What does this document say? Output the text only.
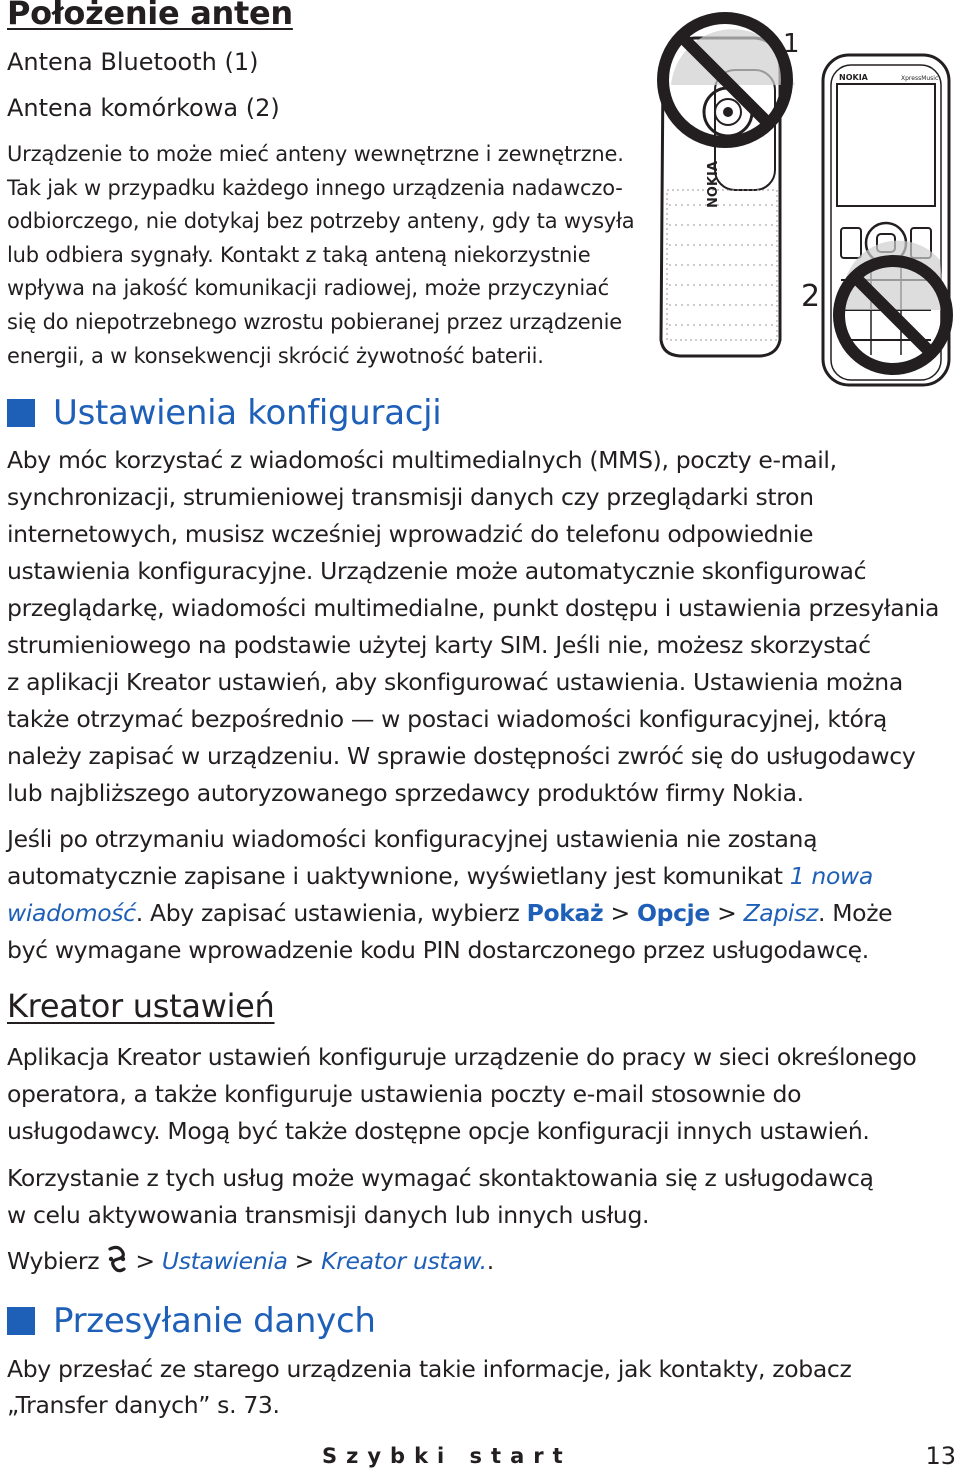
Położenie anten
Antena Bluetooth (1)
Antena komórkowa (2)
Urządzenie to może mieć anteny wewnętrzne i zewnętrzne.
Tak jak w przypadku każdego innego urządzenia nadawczo-
odbiorczego, nie dotykaj bez potrzeby anteny, gdy ta wysyła
lub odbiera sygnały. Kontakt z taką anteną niekorzystnie
wpływa na jakość komunikacji radiowej, może przyczyniać
się do niepotrzebnego wzrostu pobieranej przez urządzenie
energii, a w konsekwencji skrócić żywotność baterii.
NOKIA
1
NOKIA	XpressMusic
2
Ustawienia konfiguracji
Aby móc korzystać z wiadomości multimedialnych (MMS), poczty e-mail,
synchronizacji, strumieniowej transmisji danych czy przeglądarki stron
internetowych, musisz wcześniej wprowadzić do telefonu odpowiednie
ustawienia konfiguracyjne. Urządzenie może automatycznie skonfigurować
przeglądarkę, wiadomości multimedialne, punkt dostępu i ustawienia przesyłania
strumieniowego na podstawie użytej karty SIM. Jeśli nie, możesz skorzystać
z aplikacji Kreator ustawień, aby skonfigurować ustawienia. Ustawienia można
także otrzymać bezpośrednio — w postaci wiadomości konfiguracyjnej, którą
należy zapisać w urządzeniu. W sprawie dostępności zwróć się do usługodawcy
lub najbliższego autoryzowanego sprzedawcy produktów firmy Nokia.
Jeśli po otrzymaniu wiadomości konfiguracyjnej ustawienia nie zostaną
automatycznie zapisane i uaktywnione, wyświetlany jest komunikat 1 nowa
wiadomość. Aby zapisać ustawienia, wybierz Pokaż > Opcje > Zapisz. Może
być wymagane wprowadzenie kodu PIN dostarczonego przez usługodawcę.
Kreator ustawień
Aplikacja Kreator ustawień konfiguruje urządzenie do pracy w sieci określonego
operatora, a także konfiguruje ustawienia poczty e-mail stosownie do
usługodawcy. Mogą być także dostępne opcje konfiguracji innych ustawień.
Korzystanie z tych usług może wymagać skontaktowania się z usługodawcą
w celu aktywowania transmisji danych lub innych usług.
Wybierz  > Ustawienia > Kreator ustaw..
Przesyłanie danych
Aby przesłać ze starego urządzenia takie informacje, jak kontakty, zobacz
„Transfer danych” s. 73.
Szybki start	13
